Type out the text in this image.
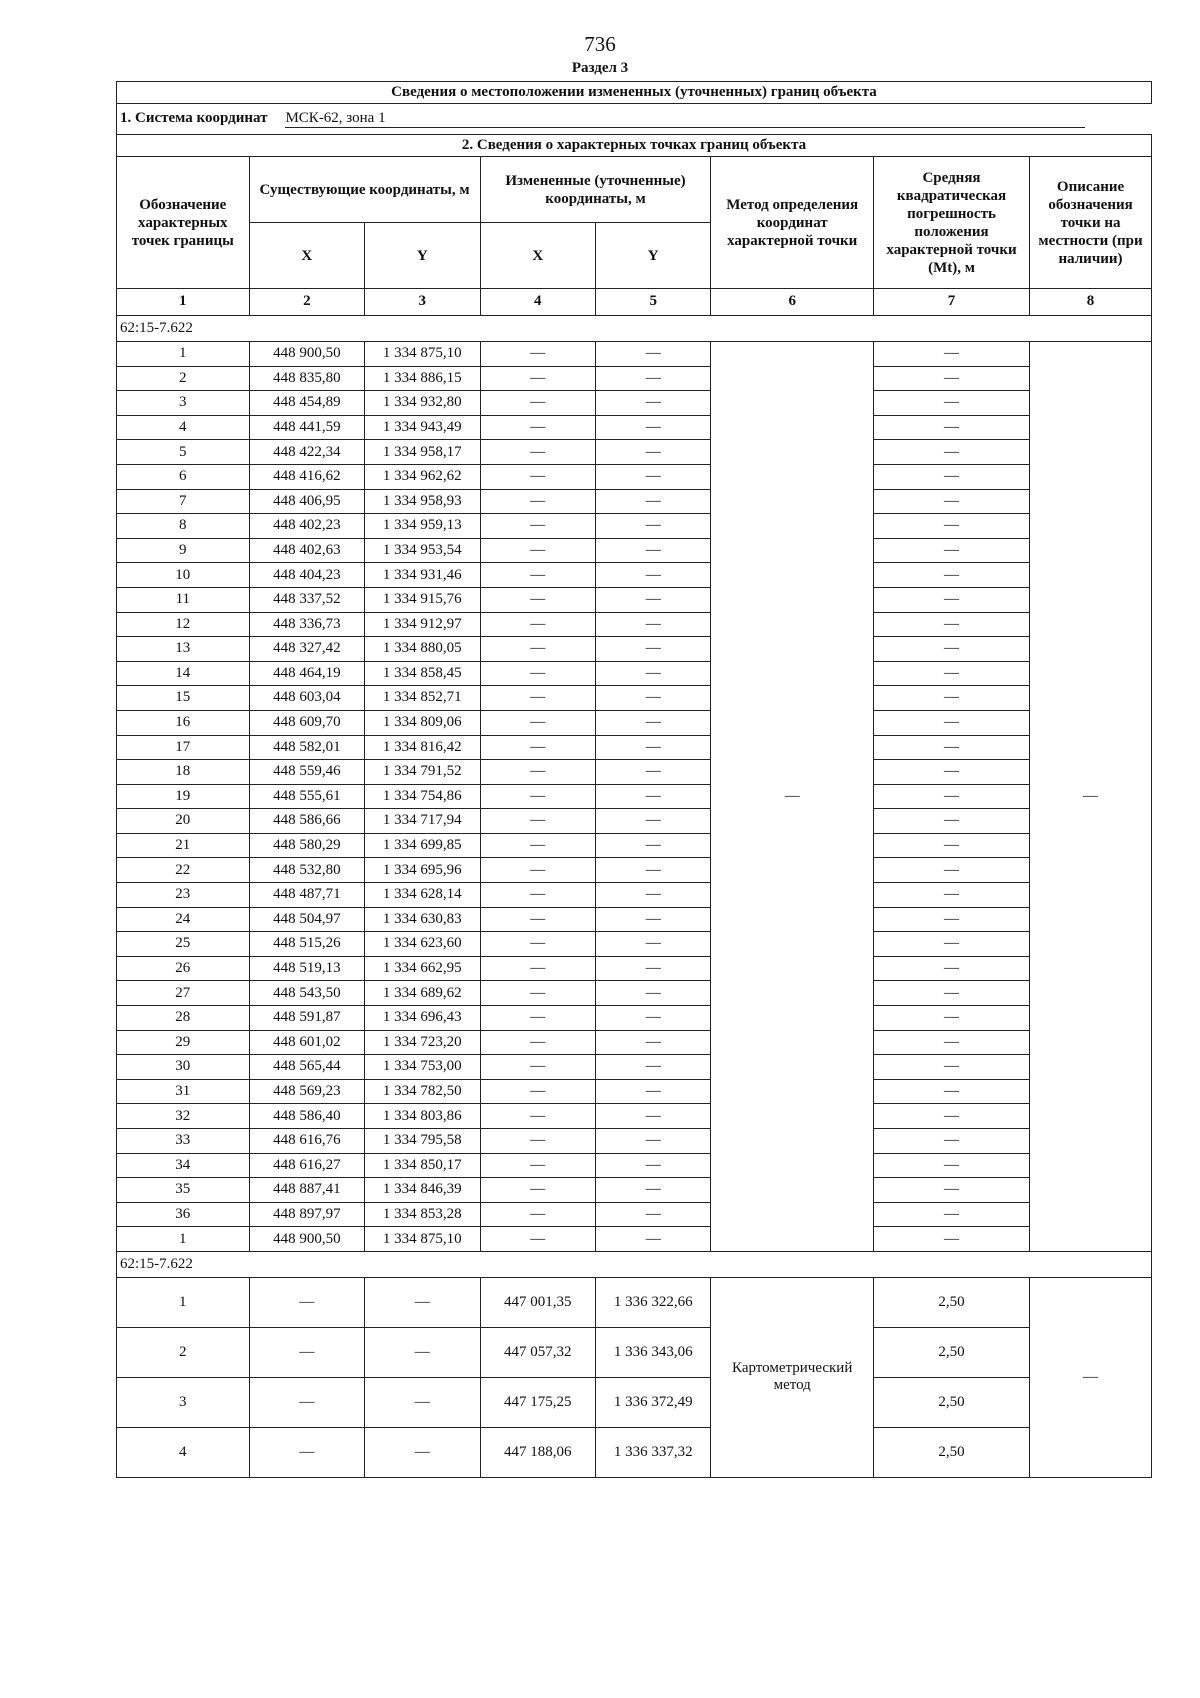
736
Раздел 3
Сведения о местоположении измененных (уточненных) границ объекта							
1. Система координат МСК-62, зона 1							
2. Сведения о характерных точках границ объекта							
Обозначение характерных точек границы	Существующие координаты, м		Измененные (уточненные) координаты, м		Метод определения координат характерной точки	Средняя квадратическая погрешность положения характерной точки (Mt), м	Описание обозначения точки на местности (при наличии)
	X	Y	X	Y			
1	2	3	4	5	6	7	8
62:15-7.622							
1	448 900,50	1 334 875,10	—	—	—	—	—
2	448 835,80	1 334 886,15	—	—		—	
3	448 454,89	1 334 932,80	—	—		—	
4	448 441,59	1 334 943,49	—	—		—	
5	448 422,34	1 334 958,17	—	—		—	
6	448 416,62	1 334 962,62	—	—		—	
7	448 406,95	1 334 958,93	—	—		—	
8	448 402,23	1 334 959,13	—	—		—	
9	448 402,63	1 334 953,54	—	—		—	
10	448 404,23	1 334 931,46	—	—		—	
11	448 337,52	1 334 915,76	—	—		—	
12	448 336,73	1 334 912,97	—	—		—	
13	448 327,42	1 334 880,05	—	—		—	
14	448 464,19	1 334 858,45	—	—		—	
15	448 603,04	1 334 852,71	—	—		—	
16	448 609,70	1 334 809,06	—	—		—	
17	448 582,01	1 334 816,42	—	—		—	
18	448 559,46	1 334 791,52	—	—		—	
19	448 555,61	1 334 754,86	—	—		—	
20	448 586,66	1 334 717,94	—	—		—	
21	448 580,29	1 334 699,85	—	—		—	
22	448 532,80	1 334 695,96	—	—		—	
23	448 487,71	1 334 628,14	—	—		—	
24	448 504,97	1 334 630,83	—	—		—	
25	448 515,26	1 334 623,60	—	—		—	
26	448 519,13	1 334 662,95	—	—		—	
27	448 543,50	1 334 689,62	—	—		—	
28	448 591,87	1 334 696,43	—	—		—	
29	448 601,02	1 334 723,20	—	—		—	
30	448 565,44	1 334 753,00	—	—		—	
31	448 569,23	1 334 782,50	—	—		—	
32	448 586,40	1 334 803,86	—	—		—	
33	448 616,76	1 334 795,58	—	—		—	
34	448 616,27	1 334 850,17	—	—		—	
35	448 887,41	1 334 846,39	—	—		—	
36	448 897,97	1 334 853,28	—	—		—	
1	448 900,50	1 334 875,10	—	—		—	
62:15-7.622							
1	—	—	447 001,35	1 336 322,66	Картометрический метод	2,50	—
2	—	—	447 057,32	1 336 343,06		2,50	
3	—	—	447 175,25	1 336 372,49		2,50	
4	—	—	447 188,06	1 336 337,32		2,50	
